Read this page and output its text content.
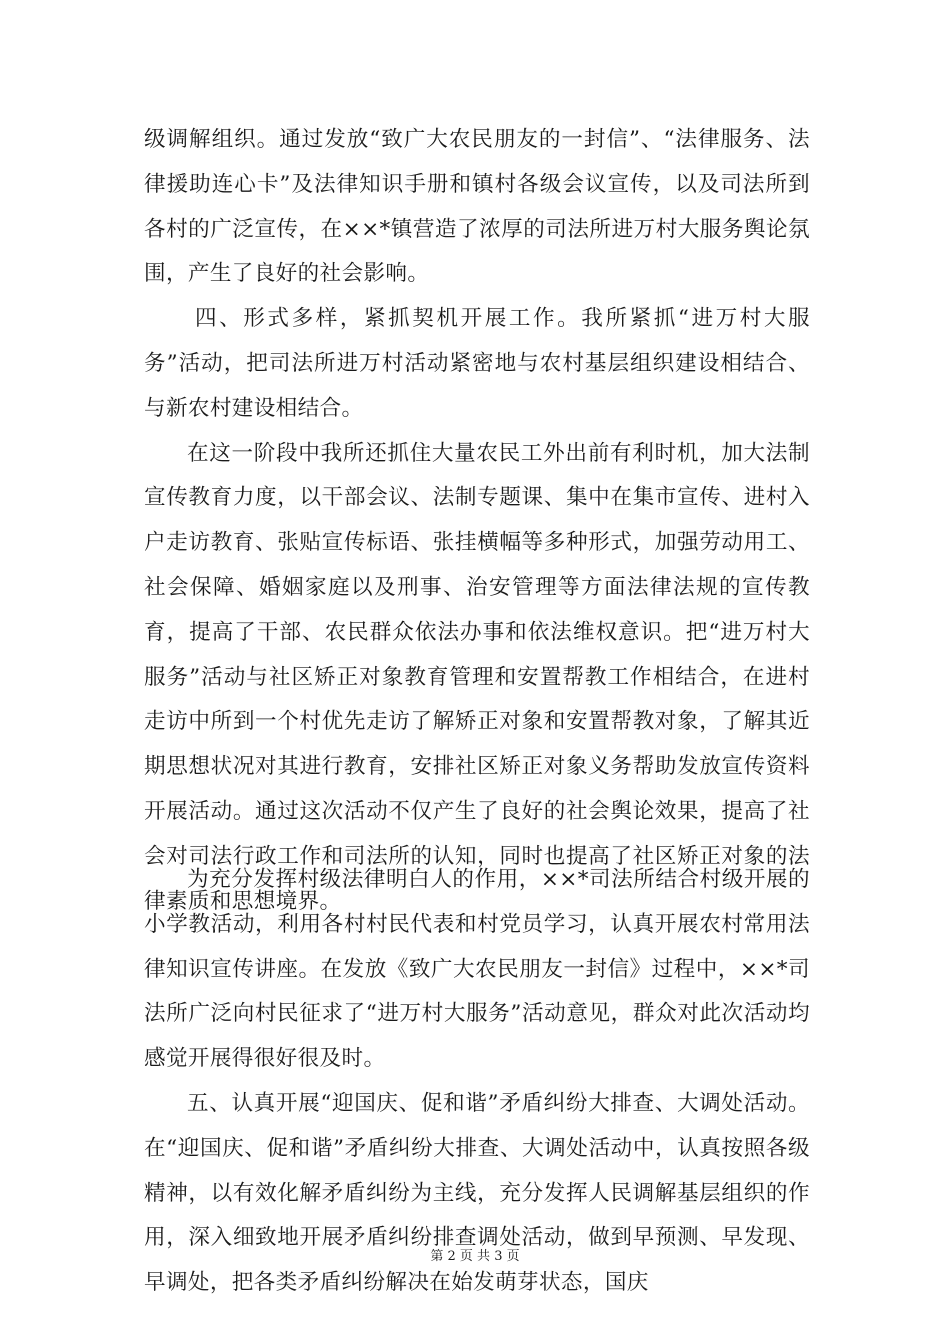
级调解组织。通过发放“致广大农民朋友的一封信”、“法律服务、法律援助连心卡”及法律知识手册和镇村各级会议宣传，以及司法所到各村的广泛宣传，在××*镇营造了浓厚的司法所进万村大服务舆论氛围，产生了良好的社会影响。

四、形式多样，紧抓契机开展工作。我所紧抓“进万村大服务”活动，把司法所进万村活动紧密地与农村基层组织建设相结合、与新农村建设相结合。

在这一阶段中我所还抓住大量农民工外出前有利时机，加大法制宣传教育力度，以干部会议、法制专题课、集中在集市宣传、进村入户走访教育、张贴宣传标语、张挂横幅等多种形式，加强劳动用工、社会保障、婚姻家庭以及刑事、治安管理等方面法律法规的宣传教育，提高了干部、农民群众依法办事和依法维权意识。把“进万村大服务”活动与社区矫正对象教育管理和安置帮教工作相结合，在进村走访中所到一个村优先走访了解矫正对象和安置帮教对象，了解其近期思想状况对其进行教育，安排社区矫正对象义务帮助发放宣传资料开展活动。通过这次活动不仅产生了良好的社会舆论效果，提高了社会对司法行政工作和司法所的认知，同时也提高了社区矫正对象的法律素质和思想境界。

为充分发挥村级法律明白人的作用，××*司法所结合村级开展的小学教活动，利用各村村民代表和村党员学习，认真开展农村常用法律知识宣传讲座。在发放《致广大农民朋友一封信》过程中，××*司法所广泛向村民征求了“进万村大服务”活动意见，群众对此次活动均感觉开展得很好很及时。

五、认真开展“迎国庆、促和谐”矛盾纠纷大排查、大调处活动。在“迎国庆、促和谐”矛盾纠纷大排查、大调处活动中，认真按照各级精神，以有效化解矛盾纠纷为主线，充分发挥人民调解基层组织的作用，深入细致地开展矛盾纠纷排查调处活动，做到早预测、早发现、早调处，把各类矛盾纠纷解决在始发萌芽状态，国庆

第 2 页 共 3 页
